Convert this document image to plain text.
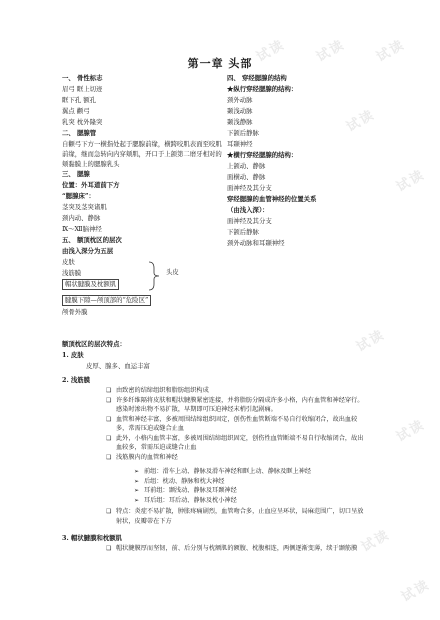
试读 试读 试读
试读
试读
试读
试读
试读
试读
第一章 头部
一、 骨性标志
眉弓 眶上切迹
眶下孔 额孔
翼点 颧弓
乳突 枕外隆突
二、 腮腺管
自颧弓下方一横指处起于腮腺前缘，横跨咬肌表面至咬肌前缘，继而急转向内穿颊肌，开口于上颌第二磨牙相对的颊黏膜上的腮腺乳头
三、 腮腺
位置：外耳道前下方
“腮腺床”：
茎突及茎突诸肌
颈内动、静脉
Ⅸ～Ⅻ脑神经
五、 额顶枕区的层次
由浅入深分为五层
皮肤
浅筋膜
帽状腱膜及枕额肌
头皮
腱膜下隙—颅顶部的“危险区”
颅骨外膜
四、 穿经腮腺的结构
★纵行穿经腮腺的结构：
颈外动脉
颞浅动脉
颞浅静脉
下颌后静脉
耳颞神经
★横行穿经腮腺的结构：
上颌动、静脉
面横动、静脉
面神经及其分支
穿经腮腺的血管神经的位置关系
（由浅入深）：
面神经及其分支
下颌后静脉
颈外动脉和耳颞神经
额顶枕区的层次特点：
1. 皮肤
皮厚、腺多、血运丰富
2. 浅筋膜
❑ 由致密的结缔组织和脂肪组织构成
❑ 许多纤维隔将皮肤和帽状腱膜紧密连接，并将脂肪分隔成许多小格，内有血管和神经穿行。感染时渗出物不易扩散，早期即可压迫神经末梢引起剧痛。
❑ 血管和神经丰富，多被周围结缔组织固定，创伤性血管断端不易自行收缩闭合，故出血较多，常需压迫或缝合止血
❑ 此外，小格内血管丰富，多被周围结缔组织固定，创伤性血管断端不易自行收缩闭合，故出血较多，常需压迫或缝合止血
❑ 浅筋膜内的血管和神经
➢ 前组：滑车上动、静脉及滑车神经和眶上动、静脉及眶上神经
➢ 后组：枕动、静脉和枕大神经
➢ 耳前组：颞浅动、静脉及耳颞神经
➢ 耳后组：耳后动、静脉及枕小神经
❑ 特点：炎症不易扩散，肿胀疼痛剧烈，血管吻合多，止血应呈环状，局麻范围广，切口呈放射状，皮瓣蒂在下方
3. 帽状腱膜和枕额肌
❑ 帽状腱膜厚而坚韧，前、后分别与枕额肌的额腹、枕腹相连，两侧逐渐变薄，续于颞筋膜
